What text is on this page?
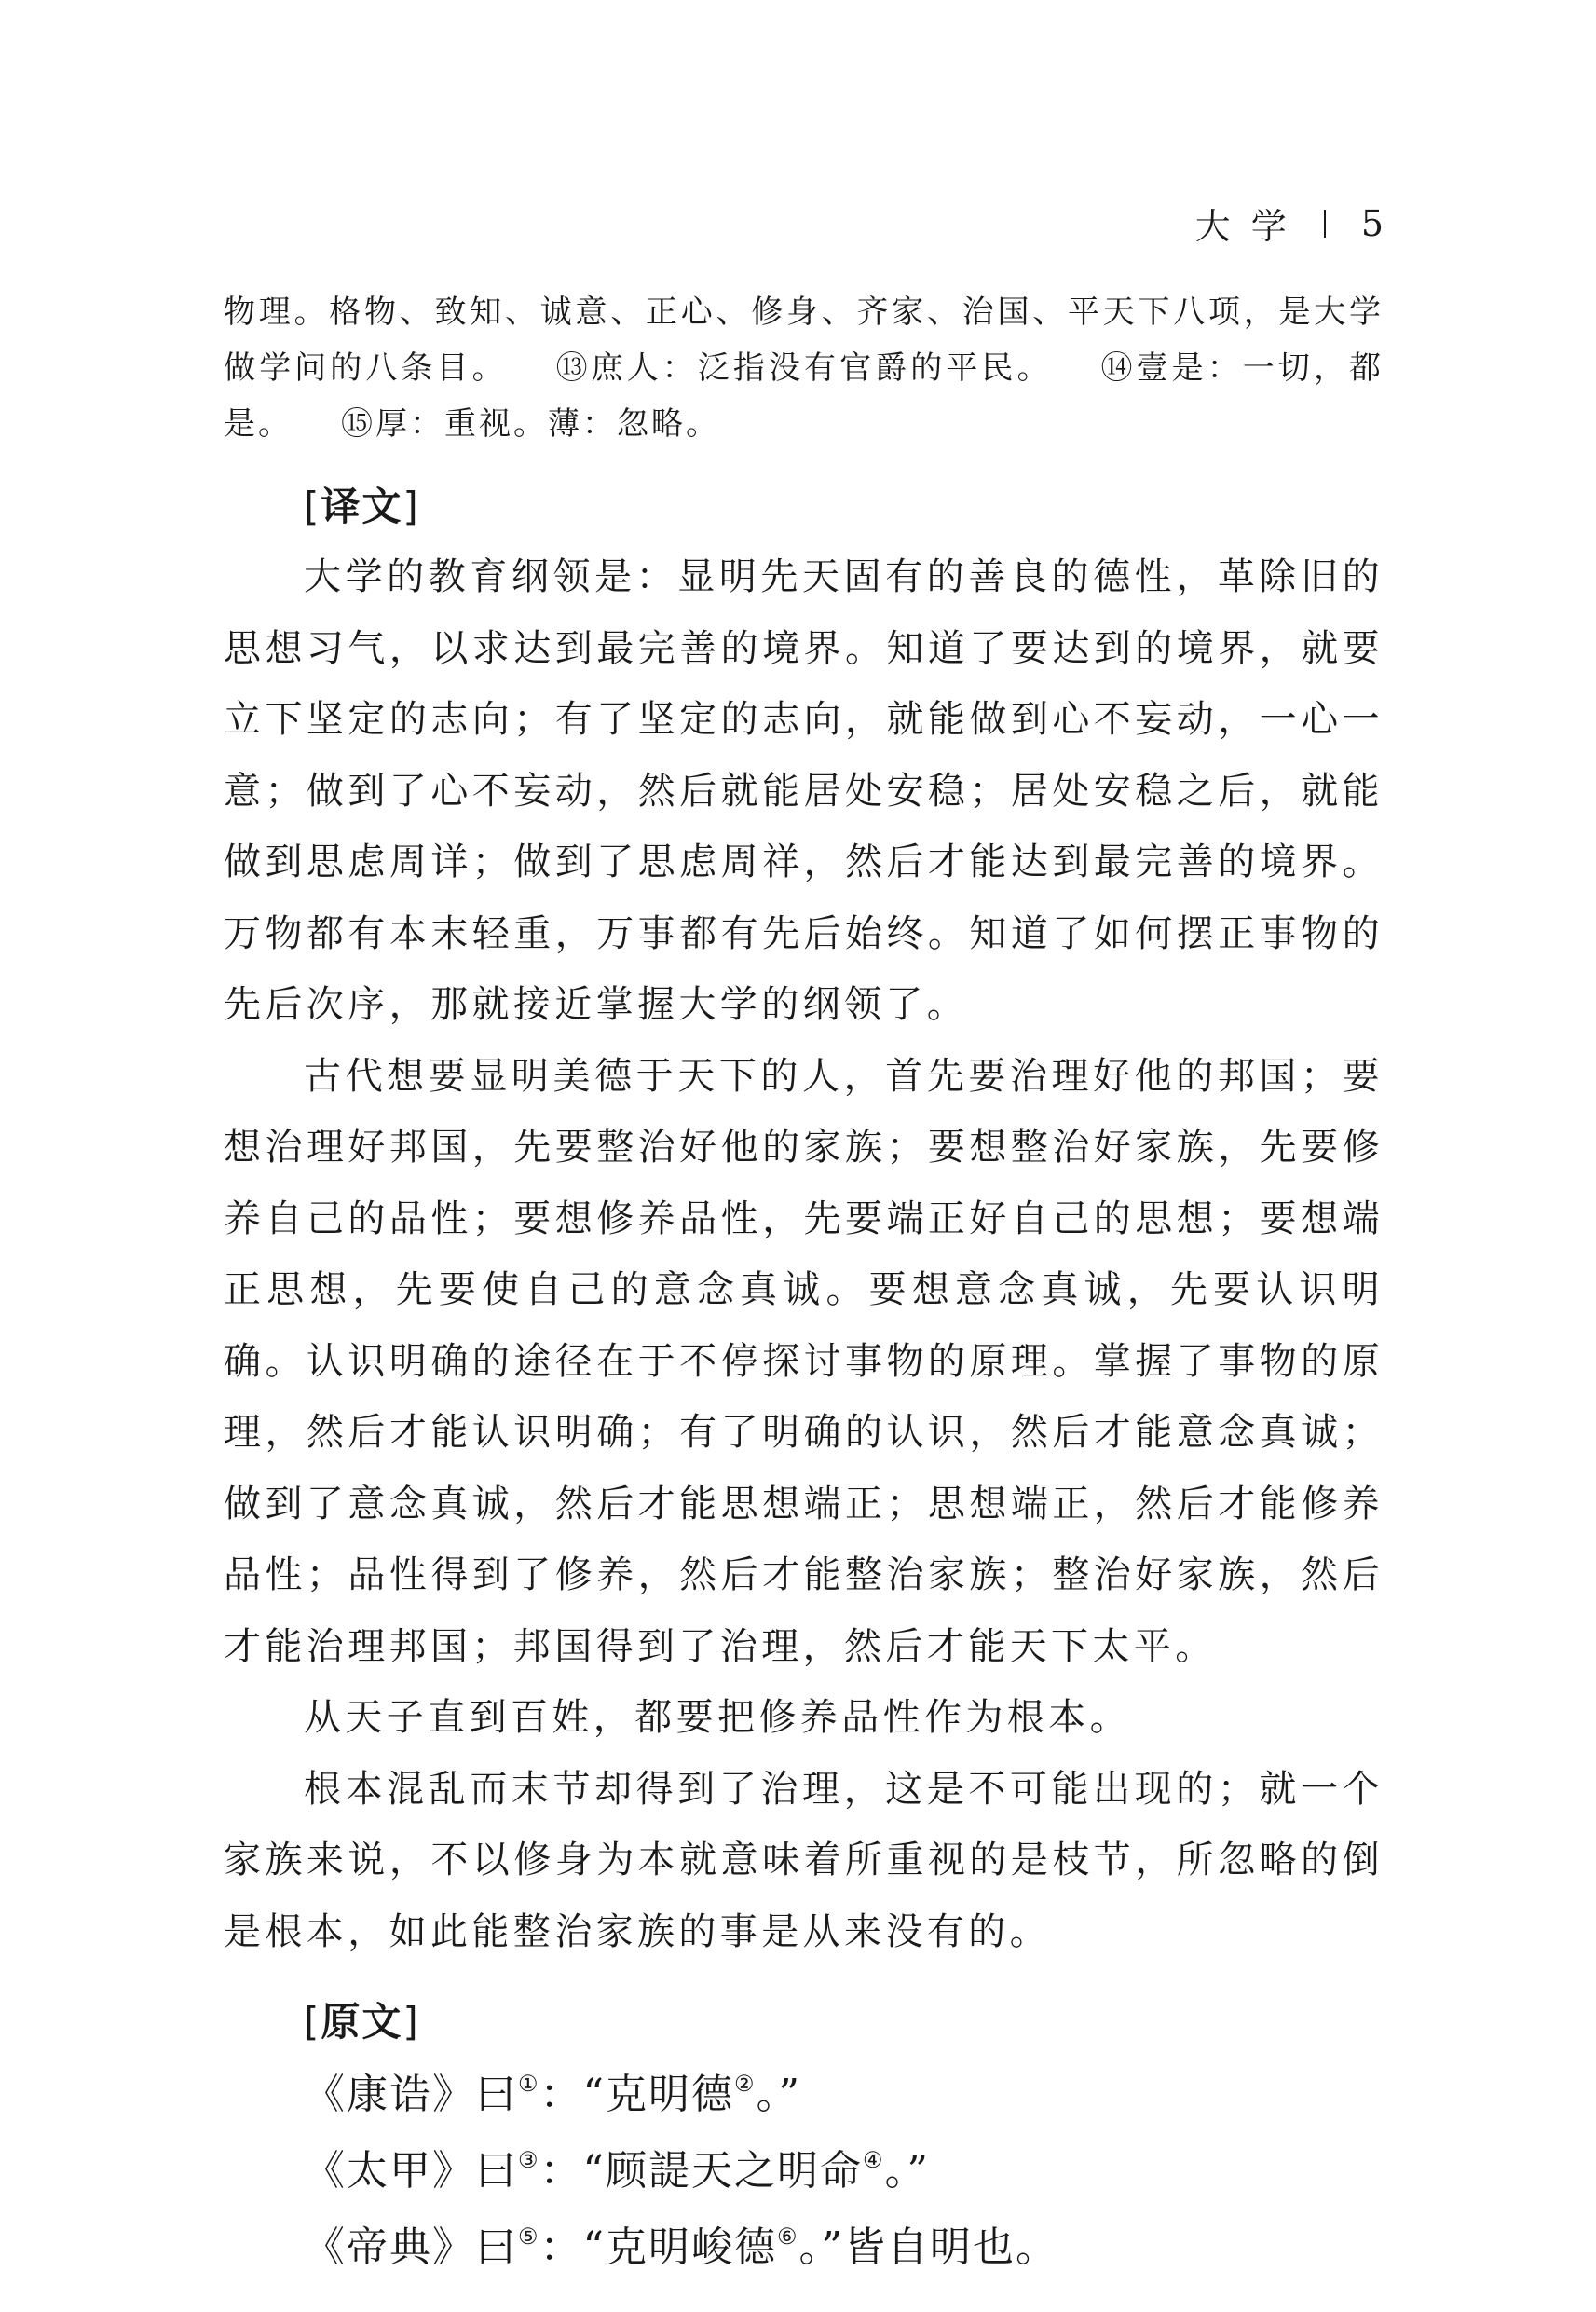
大学 5

物理。格物、致知、诚意、正心、修身、齐家、治国、平天下八项，是大学做学问的八条目。 ⑬庶人：泛指没有官爵的平民。 ⑭壹是：一切，都是。 ⑮厚：重视。薄：忽略。

[译文]

大学的教育纲领是：显明先天固有的善良的德性，革除旧的思想习气，以求达到最完善的境界。知道了要达到的境界，就要立下坚定的志向；有了坚定的志向，就能做到心不妄动，一心一意；做到了心不妄动，然后就能居处安稳；居处安稳之后，就能做到思虑周详；做到了思虑周祥，然后才能达到最完善的境界。万物都有本末轻重，万事都有先后始终。知道了如何摆正事物的先后次序，那就接近掌握大学的纲领了。

古代想要显明美德于天下的人，首先要治理好他的邦国；要想治理好邦国，先要整治好他的家族；要想整治好家族，先要修养自己的品性；要想修养品性，先要端正好自己的思想；要想端正思想，先要使自己的意念真诚。要想意念真诚，先要认识明确。认识明确的途径在于不停探讨事物的原理。掌握了事物的原理，然后才能认识明确；有了明确的认识，然后才能意念真诚；做到了意念真诚，然后才能思想端正；思想端正，然后才能修养品性；品性得到了修养，然后才能整治家族；整治好家族，然后才能治理邦国；邦国得到了治理，然后才能天下太平。

从天子直到百姓，都要把修养品性作为根本。

根本混乱而末节却得到了治理，这是不可能出现的；就一个家族来说，不以修身为本就意味着所重视的是枝节，所忽略的倒是根本，如此能整治家族的事是从来没有的。

[原文]

《康诰》曰①：“克明德②。”

《太甲》曰③：“顾諟天之明命④。”

《帝典》曰⑤：“克明峻德⑥。”皆自明也。
